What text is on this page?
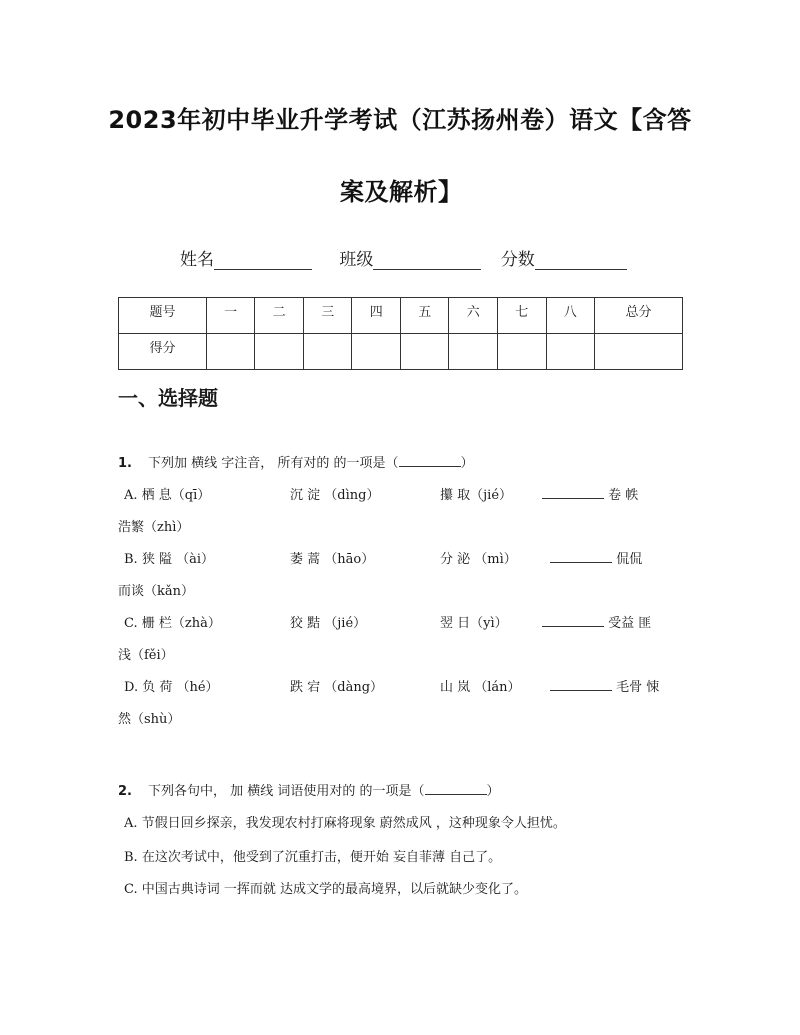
2023年初中毕业升学考试（江苏扬州卷）语文【含答
案及解析】
姓名	班级	分数
题号	一	二	三	四	五	六	七	八	总分
得分									
一、选择题
1. 下列加 横线 字注音， 所有对的 的一项是（	）
A. 栖 息（qī）	沉 淀 （dìng）	攥 取（jié）	卷 帙
浩繁（zhì）
B. 狭 隘 （ài）	萎 蒿 （hāo）	分 泌 （mì）	侃侃
而谈（kǎn）
C. 栅 栏（zhà）	狡 黠 （jié）	翌 日（yì）	受益 匪
浅（fěi）
D. 负 荷 （hé）	跌 宕 （dàng）	山 岚 （lán）	毛骨 悚
然（shù）
2. 下列各句中， 加 横线 词语使用对的 的一项是（	）
A. 节假日回乡探亲，我发现农村打麻将现象 蔚然成风 ，这种现象令人担忧。
B. 在这次考试中，他受到了沉重打击，便开始 妄自菲薄 自己了。
C. 中国古典诗词 一挥而就 达成文学的最高境界，以后就缺少变化了。
